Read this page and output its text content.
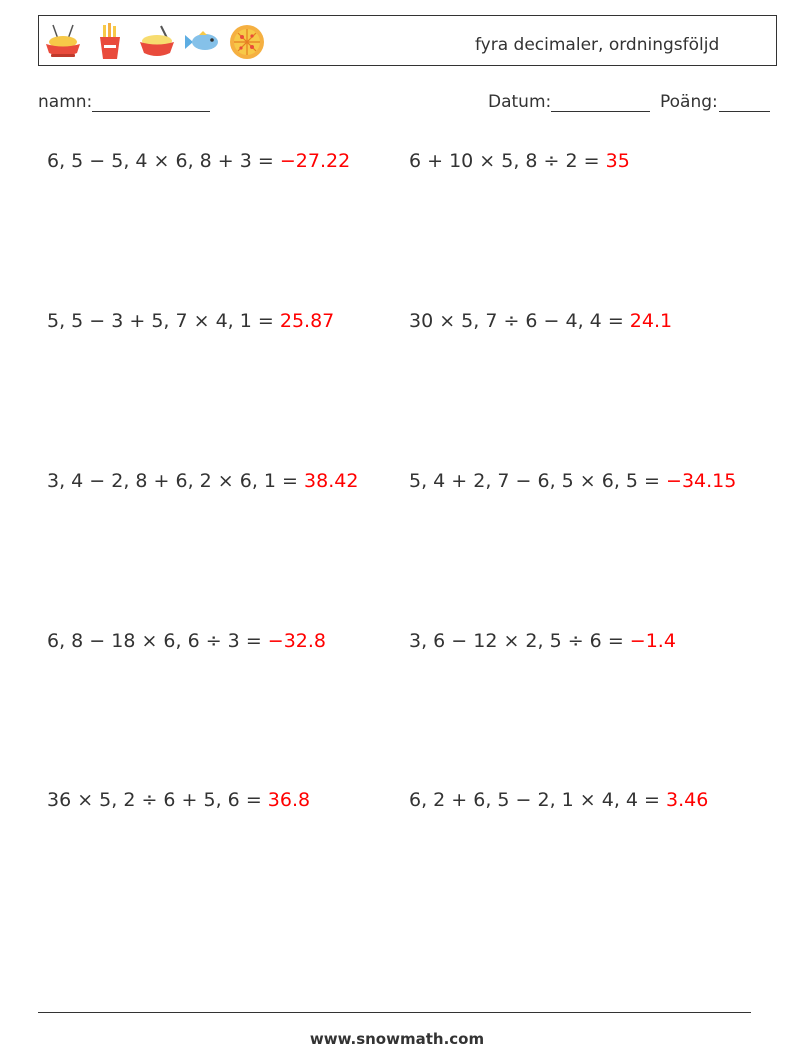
fyra decimaler, ordningsföljd
namn:	Datum:	Poäng:
6, 5 − 5, 4 × 6, 8 + 3 = −27.22	6 + 10 × 5, 8 ÷ 2 = 35
5, 5 − 3 + 5, 7 × 4, 1 = 25.87	30 × 5, 7 ÷ 6 − 4, 4 = 24.1
3, 4 − 2, 8 + 6, 2 × 6, 1 = 38.42	5, 4 + 2, 7 − 6, 5 × 6, 5 = −34.15
6, 8 − 18 × 6, 6 ÷ 3 = −32.8	3, 6 − 12 × 2, 5 ÷ 6 = −1.4
36 × 5, 2 ÷ 6 + 5, 6 = 36.8	6, 2 + 6, 5 − 2, 1 × 4, 4 = 3.46
www.snowmath.com
